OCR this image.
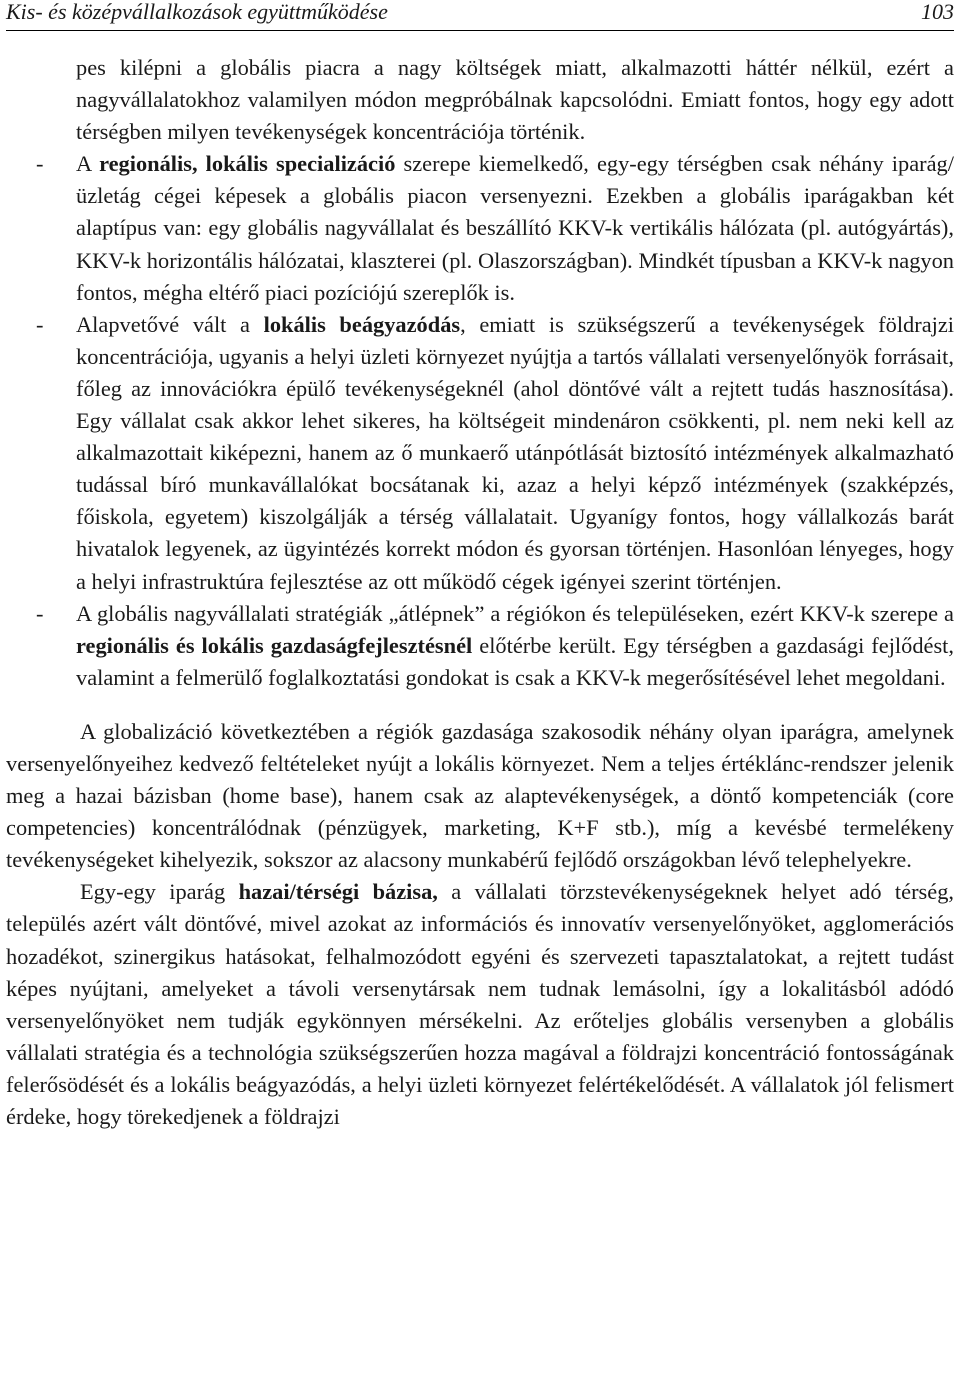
Kis- és középvállalkozások együttműködése	103

pes kilépni a globális piacra a nagy költségek miatt, alkalmazotti háttér nélkül, ezért a nagyvállalatokhoz valamilyen módon megpróbálnak kapcsolódni. Emiatt fontos, hogy egy adott térségben milyen tevékenységek koncentrációja történik.

- A regionális, lokális specializáció szerepe kiemelkedő, egy-egy térségben csak néhány iparág/üzletág cégei képesek a globális piacon versenyezni. Ezekben a globális iparágakban két alaptípus van: egy globális nagyvállalat és beszállító KKV-k vertikális hálózata (pl. autógyártás), KKV-k horizontális hálózatai, klaszterei (pl. Olaszországban). Mindkét típusban a KKV-k nagyon fontos, mégha eltérő piaci pozíciójú szereplők is.

- Alapvetővé vált a lokális beágyazódás, emiatt is szükségszerű a tevékenységek földrajzi koncentrációja, ugyanis a helyi üzleti környezet nyújtja a tartós vállalati versenyelőnyök forrásait, főleg az innovációkra épülő tevékenységeknél (ahol döntővé vált a rejtett tudás hasznosítása). Egy vállalat csak akkor lehet sikeres, ha költségeit mindenáron csökkenti, pl. nem neki kell az alkalmazottait kiképezni, hanem az ő munkaerő utánpótlását biztosító intézmények alkalmazható tudással bíró munkavállalókat bocsátanak ki, azaz a helyi képző intézmények (szakképzés, főiskola, egyetem) kiszolgálják a térség vállalatait. Ugyanígy fontos, hogy vállalkozás barát hivatalok legyenek, az ügyintézés korrekt módon és gyorsan történjen. Hasonlóan lényeges, hogy a helyi infrastruktúra fejlesztése az ott működő cégek igényei szerint történjen.

- A globális nagyvállalati stratégiák „átlépnek” a régiókon és településeken, ezért KKV-k szerepe a regionális és lokális gazdaságfejlesztésnél előtérbe került. Egy térségben a gazdasági fejlődést, valamint a felmerülő foglalkoztatási gondokat is csak a KKV-k megerősítésével lehet megoldani.

A globalizáció következtében a régiók gazdasága szakosodik néhány olyan iparágra, amelynek versenyelőnyeihez kedvező feltételeket nyújt a lokális környezet. Nem a teljes értéklánc-rendszer jelenik meg a hazai bázisban (home base), hanem csak az alaptevékenységek, a döntő kompetenciák (core competencies) koncentrálódnak (pénzügyek, marketing, K+F stb.), míg a kevésbé termelékeny tevékenységeket kihelyezik, sokszor az alacsony munkabérű fejlődő országokban lévő telephelyekre.

Egy-egy iparág hazai/térségi bázisa, a vállalati törzstevékenységeknek helyet adó térség, település azért vált döntővé, mivel azokat az információs és innovatív versenyelőnyöket, agglomerációs hozadékot, szinergikus hatásokat, felhalmozódott egyéni és szervezeti tapasztalatokat, a rejtett tudást képes nyújtani, amelyeket a távoli versenytársak nem tudnak lemásolni, így a lokalitásból adódó versenyelőnyöket nem tudják egykönnyen mérsékelni. Az erőteljes globális versenyben a globális vállalati stratégia és a technológia szükségszerűen hozza magával a földrajzi koncentráció fontosságának felerősödését és a lokális beágyazódás, a helyi üzleti környezet felértékelődését. A vállalatok jól felismert érdeke, hogy törekedjenek a földrajzi
